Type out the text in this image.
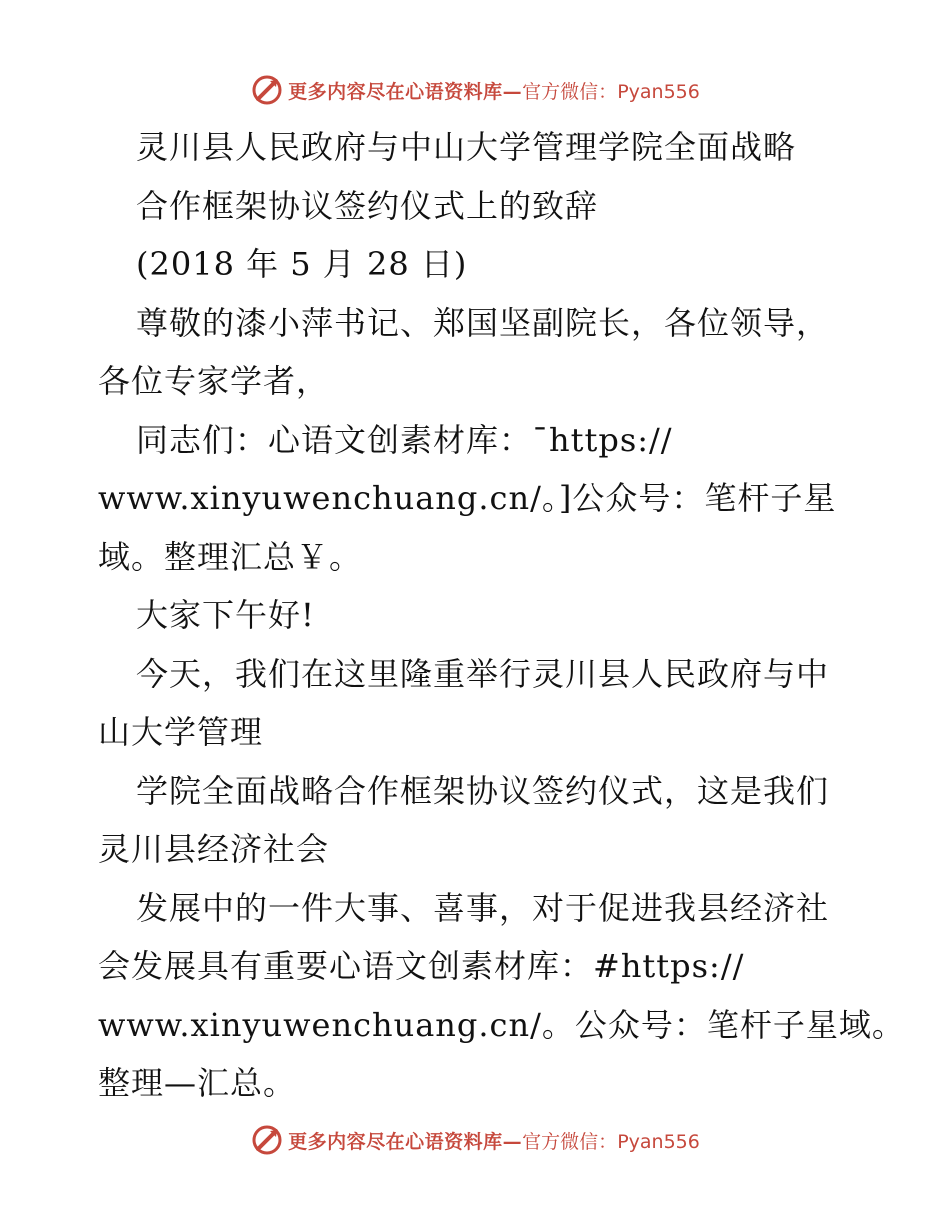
更多内容尽在心语资料库— 官方微信：Pyan556
灵川县人民政府与中山大学管理学院全面战略
合作框架协议签约仪式上的致辞
(2018 年 5 月 28 日)
尊敬的漆小萍书记、郑国坚副院长，各位领导，
各位专家学者，
同志们：心语文创素材库：¯https://
www.xinyuwenchuang.cn/。]公众号：笔杆子星
域。整理汇总￥。
大家下午好!
今天，我们在这里隆重举行灵川县人民政府与中
山大学管理
学院全面战略合作框架协议签约仪式，这是我们
灵川县经济社会
发展中的一件大事、喜事，对于促进我县经济社
会发展具有重要心语文创素材库：#https://
www.xinyuwenchuang.cn/。公众号：笔杆子星域。
整理—汇总。
更多内容尽在心语资料库— 官方微信：Pyan556
